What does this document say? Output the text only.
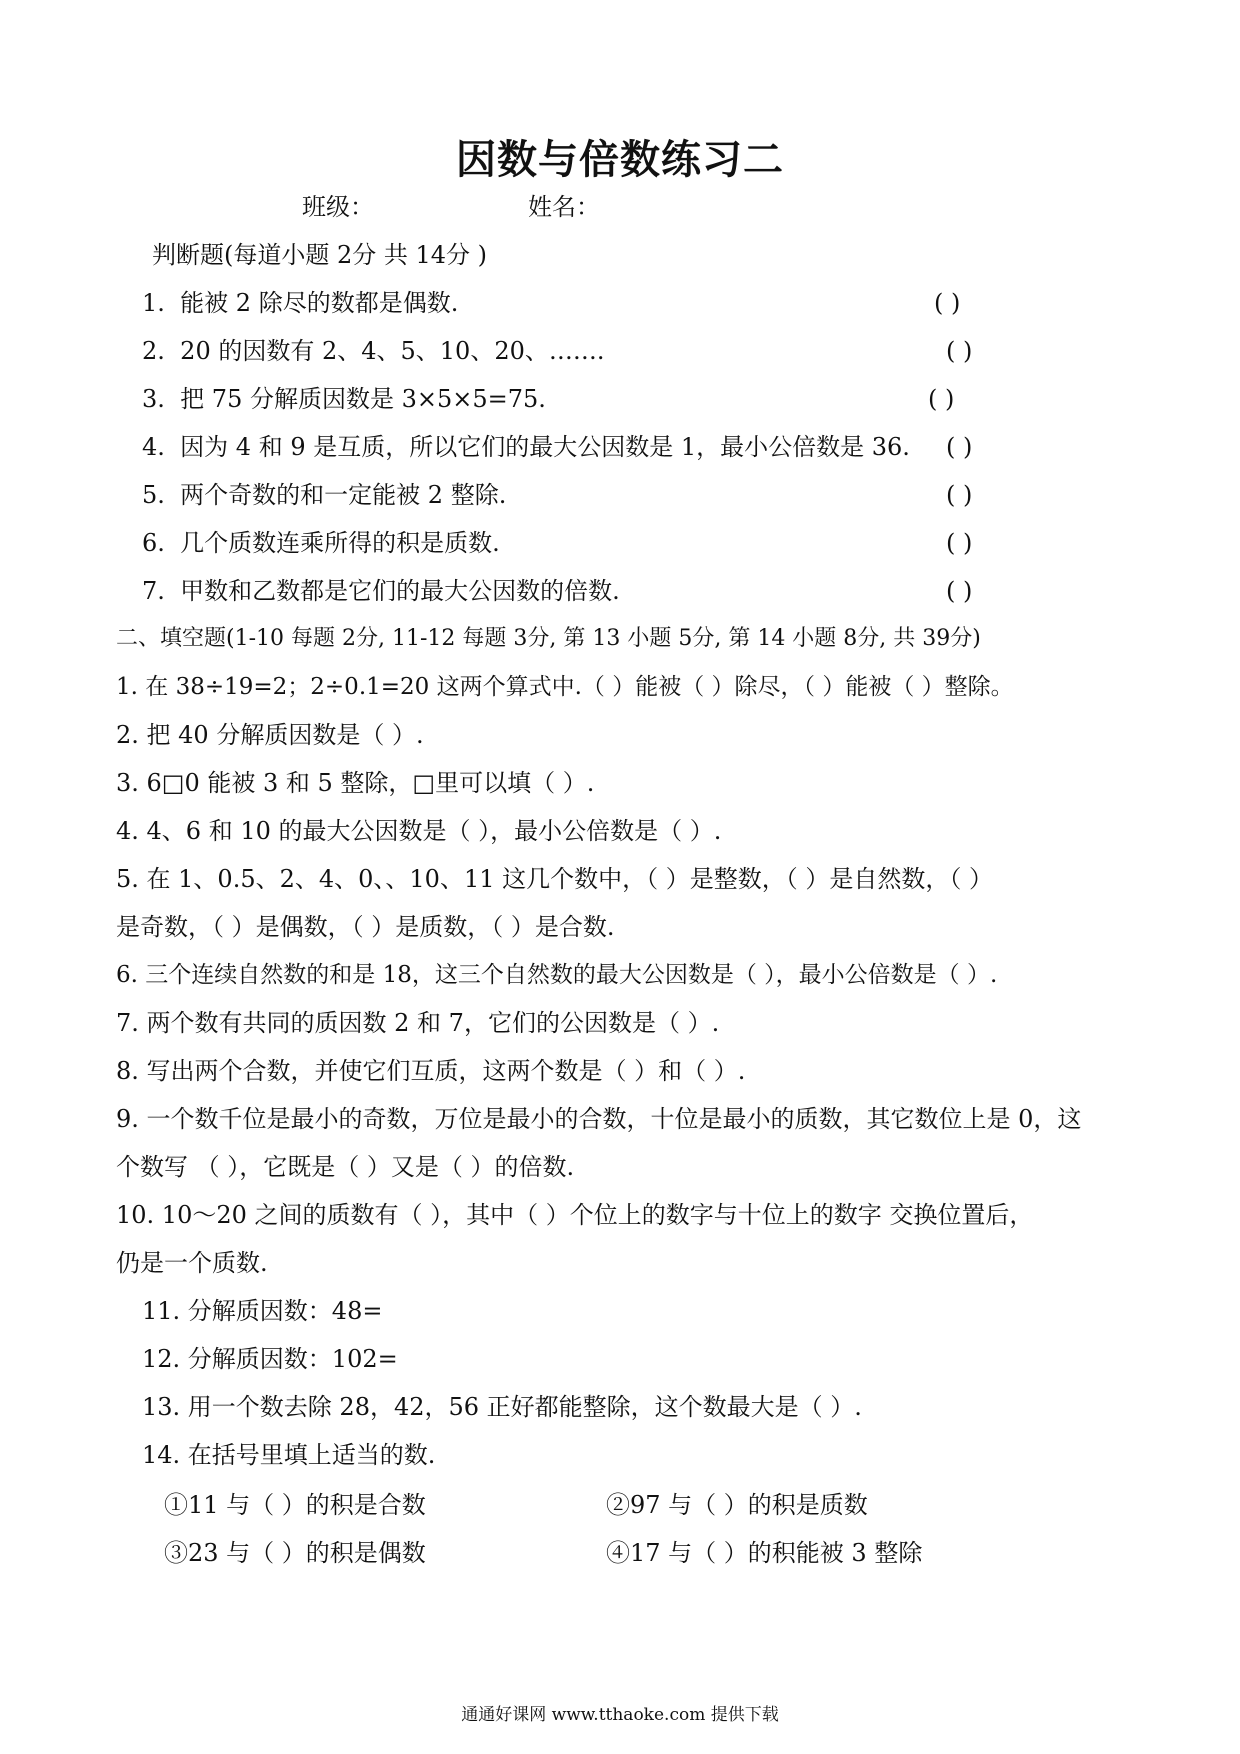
因数与倍数练习二
班级：	姓名：
判断题(每道小题 2分 共 14分 )
1. 能被 2 除尽的数都是偶数.	( )
2. 20 的因数有 2、4、5、10、20、…….	( )
3. 把 75 分解质因数是 3×5×5=75.	( )
4. 因为 4 和 9 是互质，所以它们的最大公因数是 1，最小公倍数是 36. ( )
5. 两个奇数的和一定能被 2 整除.	( )
6. 几个质数连乘所得的积是质数.	( )
7. 甲数和乙数都是它们的最大公因数的倍数.	( )
二、填空题(1-10 每题 2分, 11-12 每题 3分, 第 13 小题 5分, 第 14 小题 8分, 共 39分)
1. 在 38÷19=2；2÷0.1=20 这两个算式中.（ ）能被（ ）除尽，（ ）能被（ ）整除。
2. 把 40 分解质因数是（ ）.
3. 6□0 能被 3 和 5 整除，□里可以填（ ）.
4. 4、6 和 10 的最大公因数是（ ），最小公倍数是（ ）.
5. 在 1、0.5、2、4、0、、10、11 这几个数中，（ ）是整数，（ ）是自然数，（ ）
是奇数，（ ）是偶数，（ ）是质数，（ ）是合数.
6. 三个连续自然数的和是 18，这三个自然数的最大公因数是（ ），最小公倍数是（ ）.
7. 两个数有共同的质因数 2 和 7，它们的公因数是（ ）.
8. 写出两个合数，并使它们互质，这两个数是（ ）和（ ）.
9. 一个数千位是最小的奇数，万位是最小的合数，十位是最小的质数，其它数位上是 0，这
个数写 （ ），它既是（ ）又是（ ）的倍数.
10. 10～20 之间的质数有（ ），其中（ ）个位上的数字与十位上的数字 交换位置后，
仍是一个质数.
11. 分解质因数：48=
12. 分解质因数：102=
13. 用一个数去除 28，42，56 正好都能整除，这个数最大是（ ）.
14. 在括号里填上适当的数.
①11 与（ ）的积是合数	②97 与（ ）的积是质数
③23 与（ ）的积是偶数	④17 与（ ）的积能被 3 整除
通通好课网 www.tthaoke.com 提供下载
